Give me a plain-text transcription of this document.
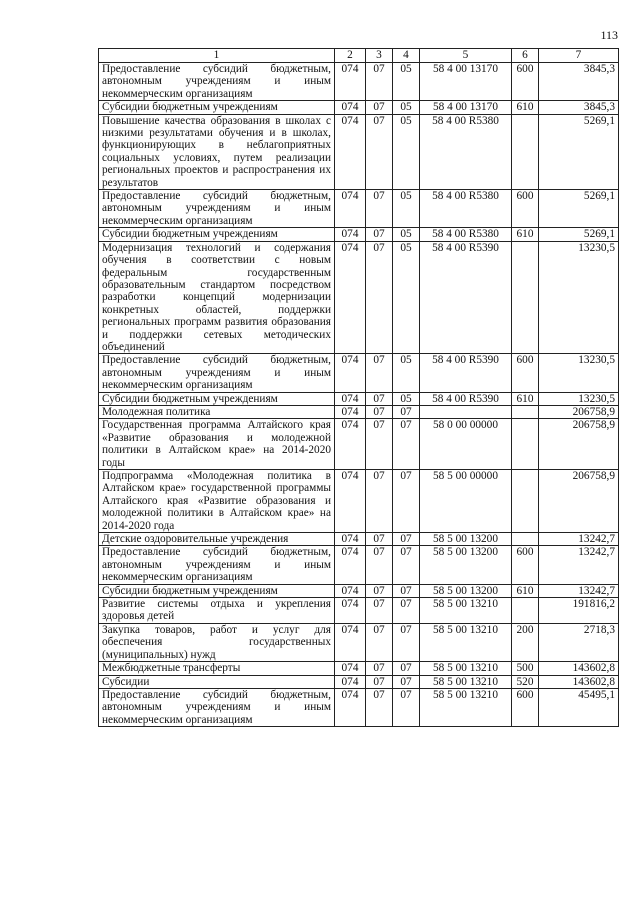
113
1	2	3	4	5	6	7
Предоставление субсидий бюджетным, автономным учреждениям и иным некоммерческим организациям	074	07	05	58 4 00 13170	600	3845,3
Субсидии бюджетным учреждениям	074	07	05	58 4 00 13170	610	3845,3
Повышение качества образования в школах с низкими результатами обучения и в школах, функционирующих в неблагоприятных социальных условиях, путем реализации региональных проектов и распространения их результатов	074	07	05	58 4 00 R5380		5269,1
Предоставление субсидий бюджетным, автономным учреждениям и иным некоммерческим организациям	074	07	05	58 4 00 R5380	600	5269,1
Субсидии бюджетным учреждениям	074	07	05	58 4 00 R5380	610	5269,1
Модернизация технологий и содержания обучения в соответствии с новым федеральным государственным образовательным стандартом посредством разработки концепций модернизации конкретных областей, поддержки региональных программ развития образования и поддержки сетевых методических объединений	074	07	05	58 4 00 R5390		13230,5
Предоставление субсидий бюджетным, автономным учреждениям и иным некоммерческим организациям	074	07	05	58 4 00 R5390	600	13230,5
Субсидии бюджетным учреждениям	074	07	05	58 4 00 R5390	610	13230,5
Молодежная политика	074	07	07			206758,9
Государственная программа Алтайского края «Развитие образования и молодежной политики в Алтайском крае» на 2014-2020 годы	074	07	07	58 0 00 00000		206758,9
Подпрограмма «Молодежная политика в Алтайском крае» государственной программы Алтайского края «Развитие образования и молодежной политики в Алтайском крае» на 2014-2020 года	074	07	07	58 5 00 00000		206758,9
Детские оздоровительные учреждения	074	07	07	58 5 00 13200		13242,7
Предоставление субсидий бюджетным, автономным учреждениям и иным некоммерческим организациям	074	07	07	58 5 00 13200	600	13242,7
Субсидии бюджетным учреждениям	074	07	07	58 5 00 13200	610	13242,7
Развитие системы отдыха и укрепления здоровья детей	074	07	07	58 5 00 13210		191816,2
Закупка товаров, работ и услуг для обеспечения государственных (муниципальных) нужд	074	07	07	58 5 00 13210	200	2718,3
Межбюджетные трансферты	074	07	07	58 5 00 13210	500	143602,8
Субсидии	074	07	07	58 5 00 13210	520	143602,8
Предоставление субсидий бюджетным, автономным учреждениям и иным некоммерческим организациям	074	07	07	58 5 00 13210	600	45495,1
